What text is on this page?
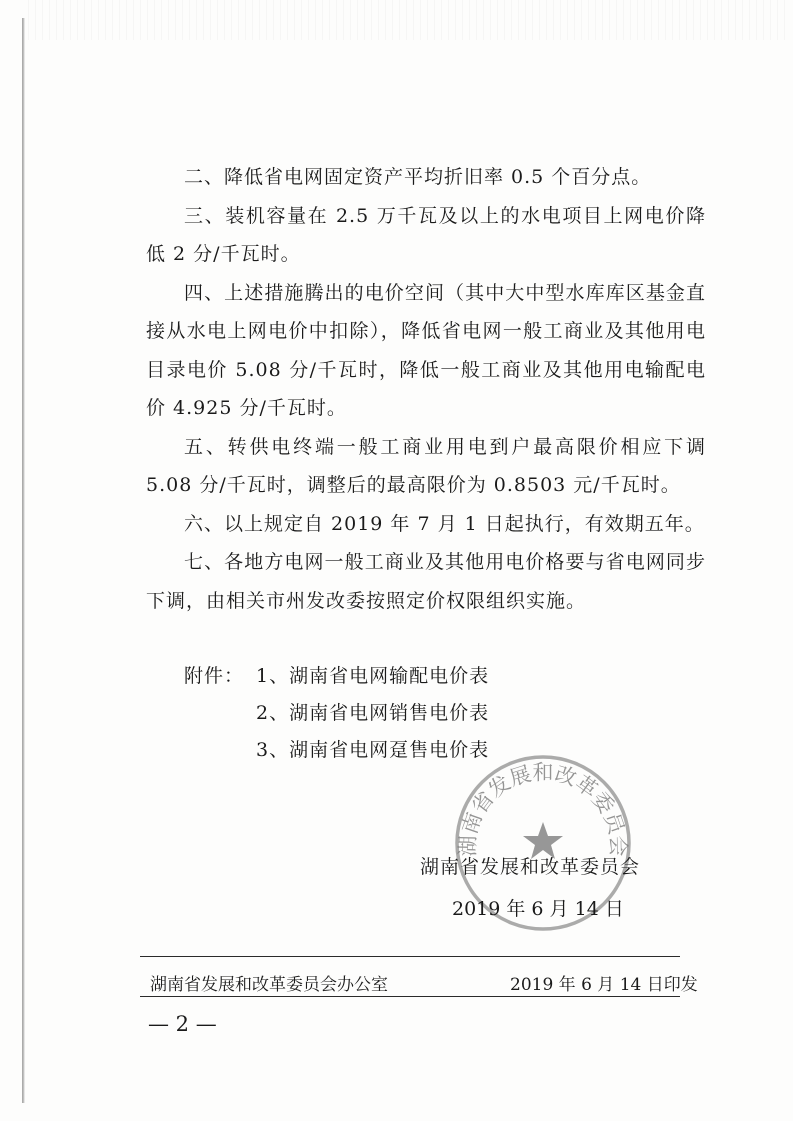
二、降低省电网固定资产平均折旧率 0.5 个百分点。

三、装机容量在 2.5 万千瓦及以上的水电项目上网电价降低 2 分/千瓦时。

四、上述措施腾出的电价空间（其中大中型水库库区基金直接从水电上网电价中扣除），降低省电网一般工商业及其他用电目录电价 5.08 分/千瓦时，降低一般工商业及其他用电输配电价 4.925 分/千瓦时。

五、转供电终端一般工商业用电到户最高限价相应下调 5.08 分/千瓦时，调整后的最高限价为 0.8503 元/千瓦时。

六、以上规定自 2019 年 7 月 1 日起执行，有效期五年。

七、各地方电网一般工商业及其他用电价格要与省电网同步下调，由相关市州发改委按照定价权限组织实施。

附件： 1、湖南省电网输配电价表
2、湖南省电网销售电价表
3、湖南省电网趸售电价表
湖南省发展和改革委员会
湖南省发展和改革委员会
2019 年 6 月 14 日
湖南省发展和改革委员会办公室	2019 年 6 月 14 日印发
— 2 —
